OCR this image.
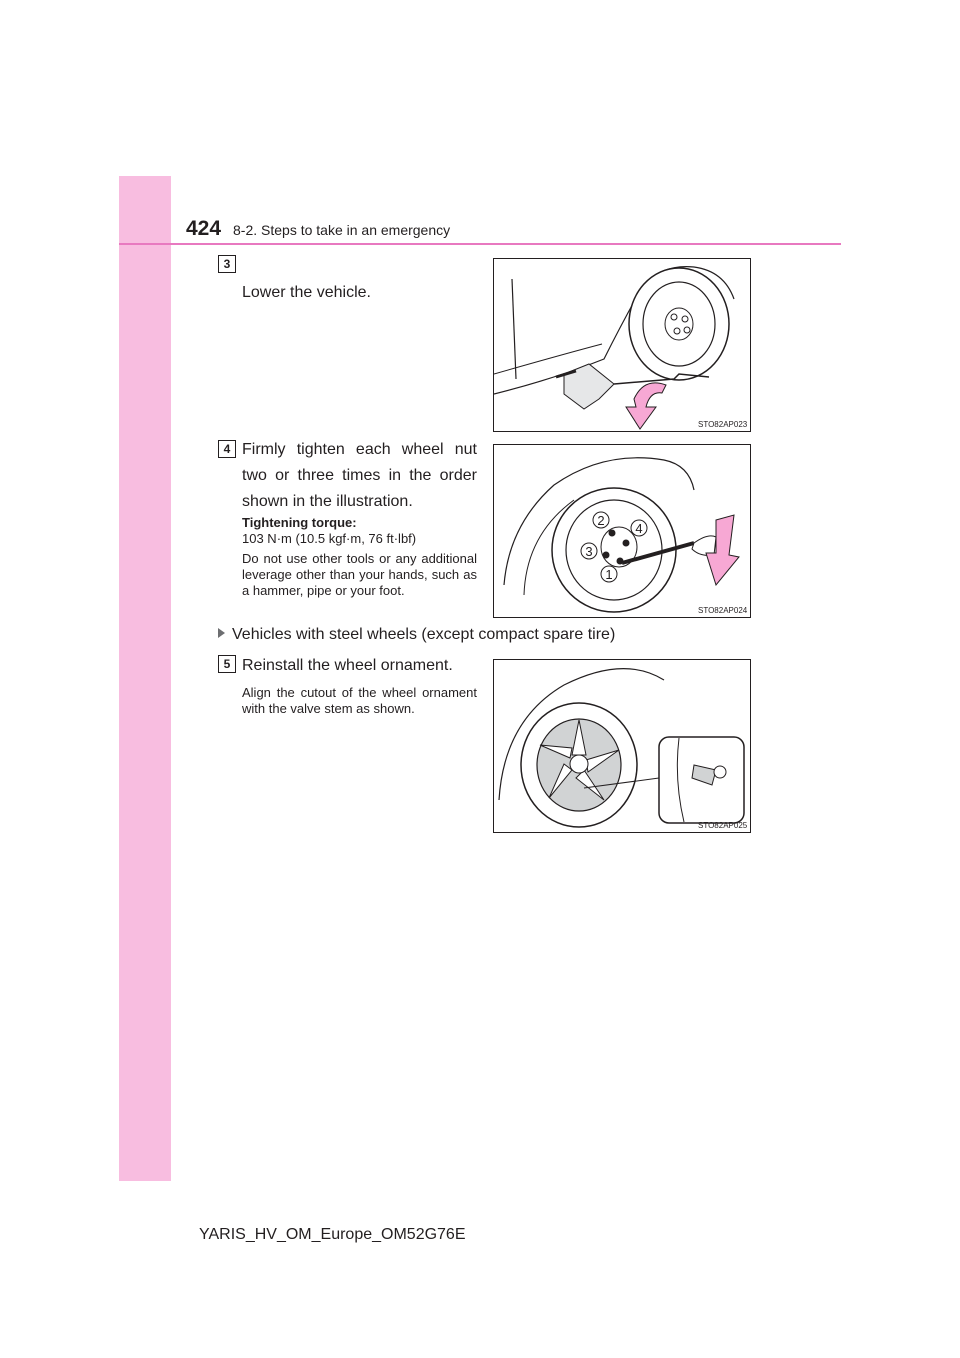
424 8-2. Steps to take in an emergency
3
Lower the vehicle.
STO82AP023
4 Firmly tighten each wheel nut two or three times in the order shown in the illustration.
Tightening torque:
103 N·m (10.5 kgf·m, 76 ft·lbf)
Do not use other tools or any additional leverage other than your hands, such as a hammer, pipe or your foot.
2
4
3
1
STO82AP024
Vehicles with steel wheels (except compact spare tire)
5 Reinstall the wheel ornament.
Align the cutout of the wheel ornament with the valve stem as shown.
STO82AP025
YARIS_HV_OM_Europe_OM52G76E
